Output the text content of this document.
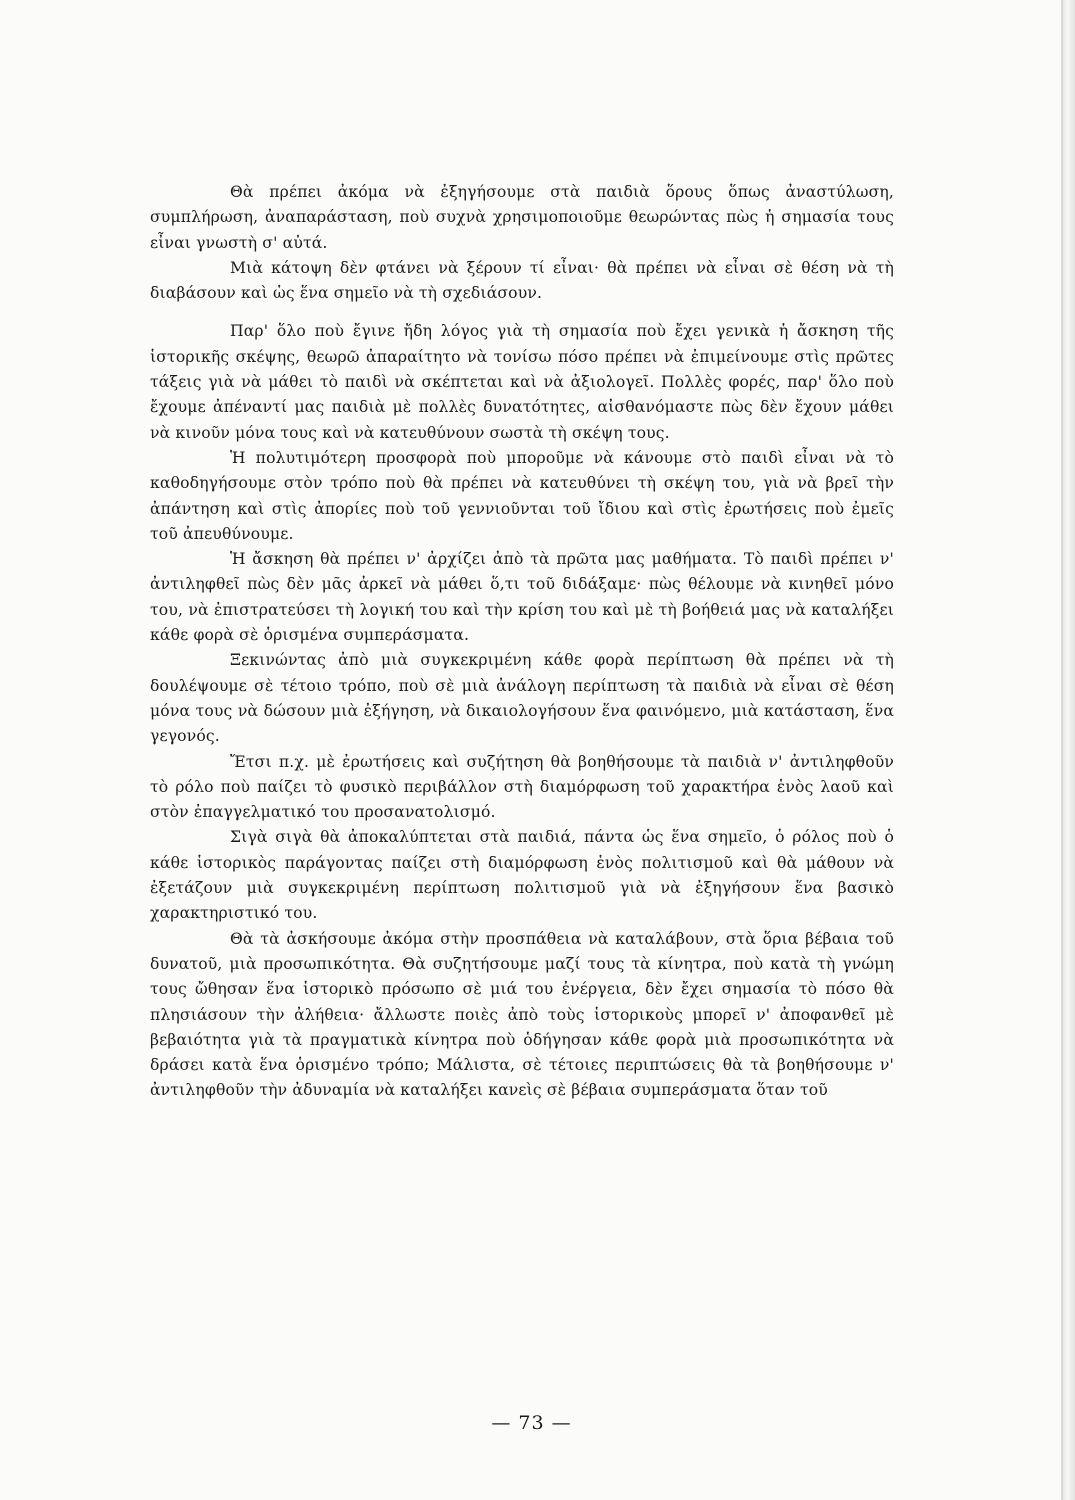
Θὰ πρέπει ἀκόμα νὰ ἐξηγήσουμε στὰ παιδιὰ ὅρους ὅπως ἀναστύλωση, συμπλήρωση, ἀναπαράσταση, ποὺ συχνὰ χρησιμοποιοῦμε θεωρώντας πὼς ἡ σημασία τους εἶναι γνωστὴ σ' αὐτά.

Μιὰ κάτοψη δὲν φτάνει νὰ ξέρουν τί εἶναι· θὰ πρέπει νὰ εἶναι σὲ θέση νὰ τὴ διαβάσουν καὶ ὡς ἕνα σημεῖο νὰ τὴ σχεδιάσουν.

Παρ' ὅλο ποὺ ἔγινε ἤδη λόγος γιὰ τὴ σημασία ποὺ ἔχει γενικὰ ἡ ἄσκηση τῆς ἱστορικῆς σκέψης, θεωρῶ ἀπαραίτητο νὰ τονίσω πόσο πρέπει νὰ ἐπιμείνουμε στὶς πρῶτες τάξεις γιὰ νὰ μάθει τὸ παιδὶ νὰ σκέπτεται καὶ νὰ ἀξιολογεῖ. Πολλὲς φορές, παρ' ὅλο ποὺ ἔχουμε ἀπέναντί μας παιδιὰ μὲ πολλὲς δυνατότητες, αἰσθανόμαστε πὼς δὲν ἔχουν μάθει νὰ κινοῦν μόνα τους καὶ νὰ κατευθύνουν σωστὰ τὴ σκέψη τους.

Ἡ πολυτιμότερη προσφορὰ ποὺ μποροῦμε νὰ κάνουμε στὸ παιδὶ εἶναι νὰ τὸ καθοδηγήσουμε στὸν τρόπο ποὺ θὰ πρέπει νὰ κατευθύνει τὴ σκέψη του, γιὰ νὰ βρεῖ τὴν ἀπάντηση καὶ στὶς ἀπορίες ποὺ τοῦ γεννιοῦνται τοῦ ἴδιου καὶ στὶς ἐρωτήσεις ποὺ ἐμεῖς τοῦ ἀπευθύνουμε.

Ἡ ἄσκηση θὰ πρέπει ν' ἀρχίζει ἀπὸ τὰ πρῶτα μας μαθήματα. Τὸ παιδὶ πρέπει ν' ἀντιληφθεῖ πὼς δὲν μᾶς ἀρκεῖ νὰ μάθει ὅ,τι τοῦ διδάξαμε· πὼς θέλουμε νὰ κινηθεῖ μόνο του, νὰ ἐπιστρατεύσει τὴ λογική του καὶ τὴν κρίση του καὶ μὲ τὴ βοήθειά μας νὰ καταλήξει κάθε φορὰ σὲ ὁρισμένα συμπεράσματα.

Ξεκινώντας ἀπὸ μιὰ συγκεκριμένη κάθε φορὰ περίπτωση θὰ πρέπει νὰ τὴ δουλέψουμε σὲ τέτοιο τρόπο, ποὺ σὲ μιὰ ἀνάλογη περίπτωση τὰ παιδιὰ νὰ εἶναι σὲ θέση μόνα τους νὰ δώσουν μιὰ ἐξήγηση, νὰ δικαιολογήσουν ἕνα φαινόμενο, μιὰ κατάσταση, ἕνα γεγονός.

Ἔτσι π.χ. μὲ ἐρωτήσεις καὶ συζήτηση θὰ βοηθήσουμε τὰ παιδιὰ ν' ἀντιληφθοῦν τὸ ρόλο ποὺ παίζει τὸ φυσικὸ περιβάλλον στὴ διαμόρφωση τοῦ χαρακτήρα ἑνὸς λαοῦ καὶ στὸν ἐπαγγελματικό του προσανατολισμό.

Σιγὰ σιγὰ θὰ ἀποκαλύπτεται στὰ παιδιά, πάντα ὡς ἕνα σημεῖο, ὁ ρόλος ποὺ ὁ κάθε ἱστορικὸς παράγοντας παίζει στὴ διαμόρφωση ἑνὸς πολιτισμοῦ καὶ θὰ μάθουν νὰ ἐξετάζουν μιὰ συγκεκριμένη περίπτωση πολιτισμοῦ γιὰ νὰ ἐξηγήσουν ἕνα βασικὸ χαρακτηριστικό του.

Θὰ τὰ ἀσκήσουμε ἀκόμα στὴν προσπάθεια νὰ καταλάβουν, στὰ ὅρια βέβαια τοῦ δυνατοῦ, μιὰ προσωπικότητα. Θὰ συζητήσουμε μαζί τους τὰ κίνητρα, ποὺ κατὰ τὴ γνώμη τους ὤθησαν ἕνα ἱστορικὸ πρόσωπο σὲ μιά του ἐνέργεια, δὲν ἔχει σημασία τὸ πόσο θὰ πλησιάσουν τὴν ἀλήθεια· ἄλλωστε ποιὲς ἀπὸ τοὺς ἱστορικοὺς μπορεῖ ν' ἀποφανθεῖ μὲ βεβαιότητα γιὰ τὰ πραγματικὰ κίνητρα ποὺ ὁδήγησαν κάθε φορὰ μιὰ προσωπικότητα νὰ δράσει κατὰ ἕνα ὁρισμένο τρόπο; Μάλιστα, σὲ τέτοιες περιπτώσεις θὰ τὰ βοηθήσουμε ν' ἀντιληφθοῦν τὴν ἀδυναμία νὰ καταλήξει κανεὶς σὲ βέβαια συμπεράσματα ὅταν τοῦ

— 73 —
